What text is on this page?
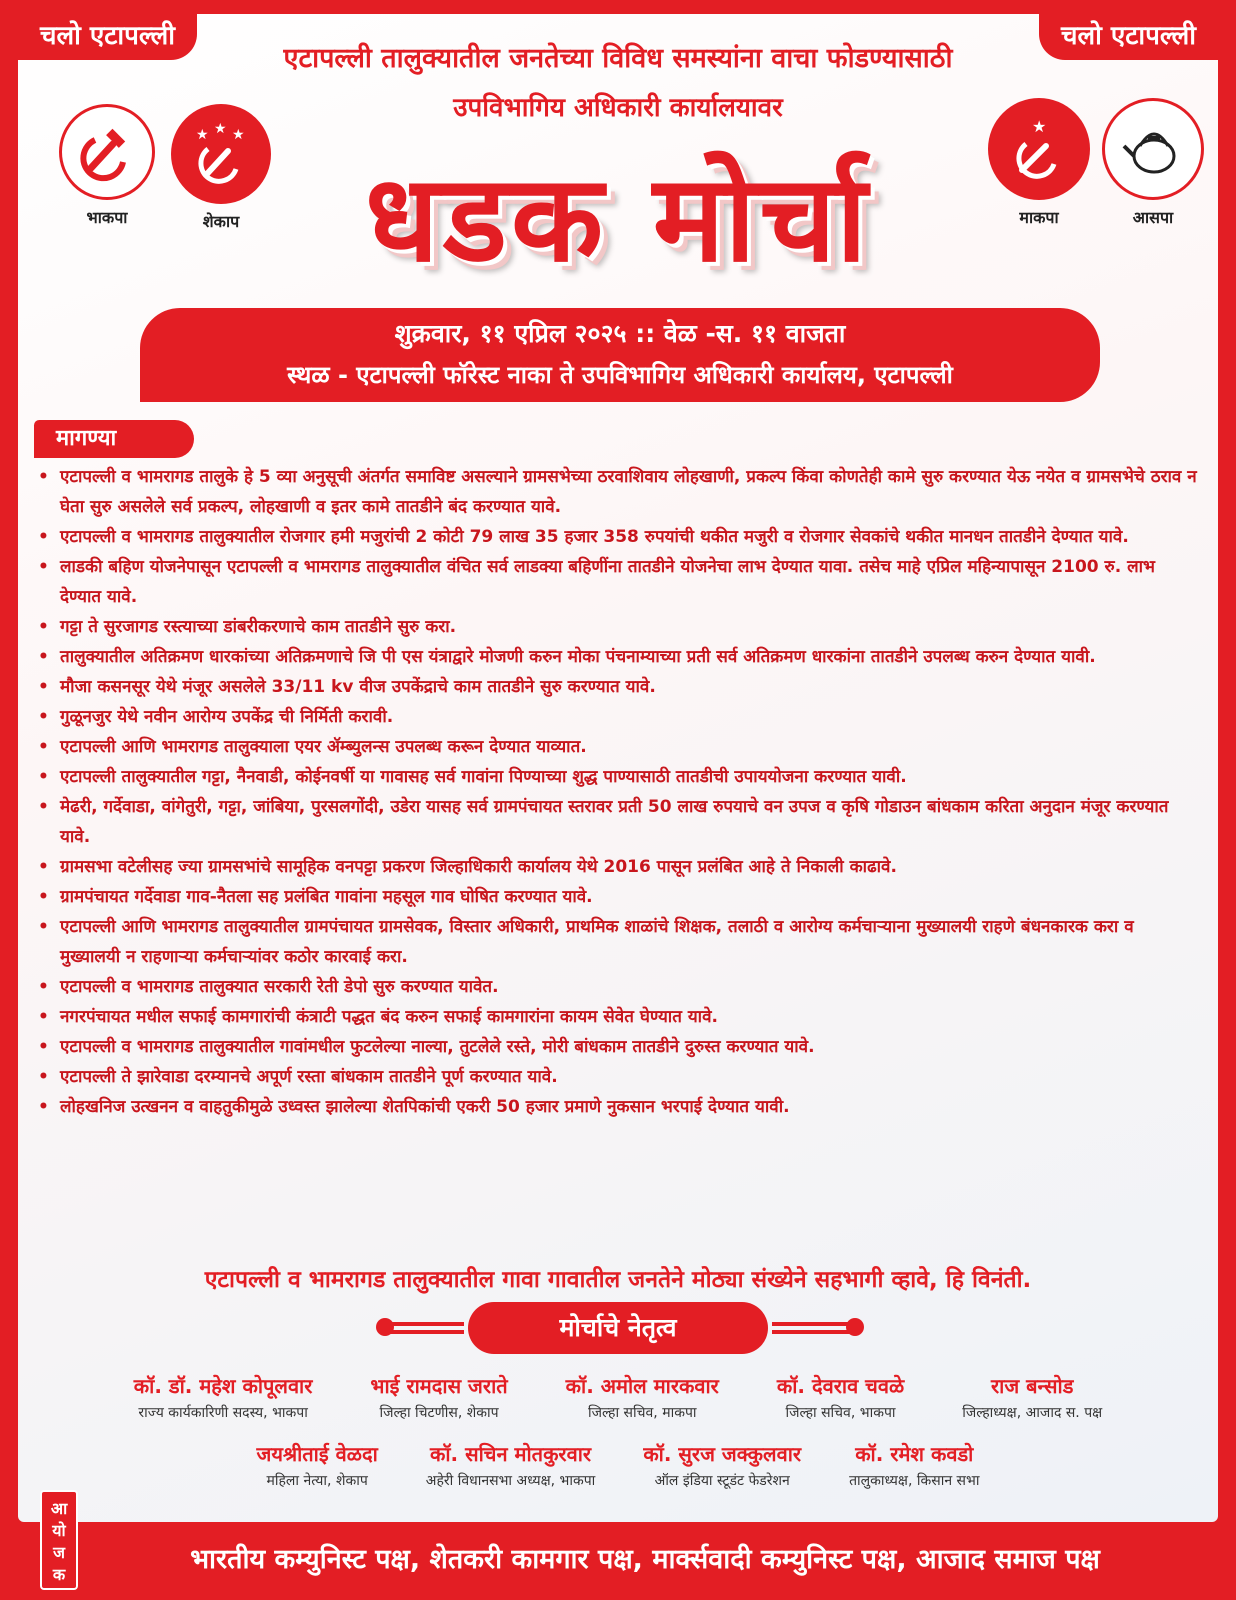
चलो एटापल्ली	चलो एटापल्ली
एटापल्ली तालुक्यातील जनतेच्या विविध समस्यांना वाचा फोडण्यासाठी
उपविभागिय अधिकारी कार्यालयावर
भाकपा
★ ★ ★
शेकाप
★
माकपा	आसपा
धडक मोर्चा
शुक्रवार, ११ एप्रिल २०२५ :: वेळ -स. ११ वाजता
स्थळ - एटापल्ली फॉरेस्ट नाका ते उपविभागिय अधिकारी कार्यालय, एटापल्ली
मागण्या
• एटापल्ली व भामरागड तालुके हे 5 व्या अनुसूची अंतर्गत समाविष्ट असल्याने ग्रामसभेच्या ठरवाशिवाय लोहखाणी, प्रकल्प किंवा कोणतेही कामे सुरु करण्यात येऊ नयेत व ग्रामसभेचे ठराव न घेता सुरु असलेले सर्व प्रकल्प, लोहखाणी व इतर कामे तातडीने बंद करण्यात यावे.
• एटापल्ली व भामरागड तालुक्यातील रोजगार हमी मजुरांची 2 कोटी 79 लाख 35 हजार 358 रुपयांची थकीत मजुरी व रोजगार सेवकांचे थकीत मानधन तातडीने देण्यात यावे.
• लाडकी बहिण योजनेपासून एटापल्ली व भामरागड तालुक्यातील वंचित सर्व लाडक्या बहिणींना तातडीने योजनेचा लाभ देण्यात यावा. तसेच माहे एप्रिल महिन्यापासून 2100 रु. लाभ देण्यात यावे.
• गट्टा ते सुरजागड रस्त्याच्या डांबरीकरणाचे काम तातडीने सुरु करा.
• तालुक्यातील अतिक्रमण धारकांच्या अतिक्रमणाचे जि पी एस यंत्राद्वारे मोजणी करुन मोका पंचनाम्याच्या प्रती सर्व अतिक्रमण धारकांना तातडीने उपलब्ध करुन देण्यात यावी.
• मौजा कसनसूर येथे मंजूर असलेले 33/11 kv वीज उपकेंद्राचे काम तातडीने सुरु करण्यात यावे.
• गुळूनजुर येथे नवीन आरोग्य उपकेंद्र ची निर्मिती करावी.
• एटापल्ली आणि भामरागड तालुक्याला एयर ॲम्ब्युलन्स उपलब्ध करून देण्यात याव्यात.
• एटापल्ली तालुक्यातील गट्टा, नैनवाडी, कोईनवर्षी या गावासह सर्व गावांना पिण्याच्या शुद्ध पाण्यासाठी तातडीची उपाययोजना करण्यात यावी.
• मेढरी, गर्देवाडा, वांगेतुरी, गट्टा, जांबिया, पुरसलगोंदी, उडेरा यासह सर्व ग्रामपंचायत स्तरावर प्रती 50 लाख रुपयाचे वन उपज व कृषि गोडाउन बांधकाम करिता अनुदान मंजूर करण्यात यावे.
• ग्रामसभा वटेलीसह ज्या ग्रामसभांचे सामूहिक वनपट्टा प्रकरण जिल्हाधिकारी कार्यालय येथे 2016 पासून प्रलंबित आहे ते निकाली काढावे.
• ग्रामपंचायत गर्देवाडा गाव-नैतला सह प्रलंबित गावांना महसूल गाव घोषित करण्यात यावे.
• एटापल्ली आणि भामरागड तालुक्यातील ग्रामपंचायत ग्रामसेवक, विस्तार अधिकारी, प्राथमिक शाळांचे शिक्षक, तलाठी व आरोग्य कर्मचाऱ्याना मुख्यालयी राहणे बंधनकारक करा व मुख्यालयी न राहणाऱ्या कर्मचाऱ्यांवर कठोर कारवाई करा.
• एटापल्ली व भामरागड तालुक्यात सरकारी रेती डेपो सुरु करण्यात यावेत.
• नगरपंचायत मधील सफाई कामगारांची कंत्राटी पद्धत बंद करुन सफाई कामगारांना कायम सेवेत घेण्यात यावे.
• एटापल्ली व भामरागड तालुक्यातील गावांमधील फुटलेल्या नाल्या, तुटलेले रस्ते, मोरी बांधकाम तातडीने दुरुस्त करण्यात यावे.
• एटापल्ली ते झारेवाडा दरम्यानचे अपूर्ण रस्ता बांधकाम तातडीने पूर्ण करण्यात यावे.
• लोहखनिज उत्खनन व वाहतुकीमुळे उध्वस्त झालेल्या शेतपिकांची एकरी 50 हजार प्रमाणे नुकसान भरपाई देण्यात यावी.
एटापल्ली व भामरागड तालुक्यातील गावा गावातील जनतेने मोठ्या संख्येने सहभागी व्हावे, हि विनंती.
मोर्चाचे नेतृत्व
कॉ. डॉ. महेश कोपूलवार
राज्य कार्यकारिणी सदस्य, भाकपा
भाई रामदास जराते
जिल्हा चिटणीस, शेकाप
कॉ. अमोल मारकवार
जिल्हा सचिव, माकपा
कॉ. देवराव चवळे
जिल्हा सचिव, भाकपा
राज बन्सोड
जिल्हाध्यक्ष, आजाद स. पक्ष
जयश्रीताई वेळदा
महिला नेत्या, शेकाप
कॉ. सचिन मोतकुरवार
अहेरी विधानसभा अध्यक्ष, भाकपा
कॉ. सुरज जक्कुलवार
ऑल इंडिया स्टूडंट फेडरेशन
कॉ. रमेश कवडो
तालुकाध्यक्ष, किसान सभा
आ
यो
ज
क	भारतीय कम्युनिस्ट पक्ष, शेतकरी कामगार पक्ष, मार्क्सवादी कम्युनिस्ट पक्ष, आजाद समाज पक्ष
